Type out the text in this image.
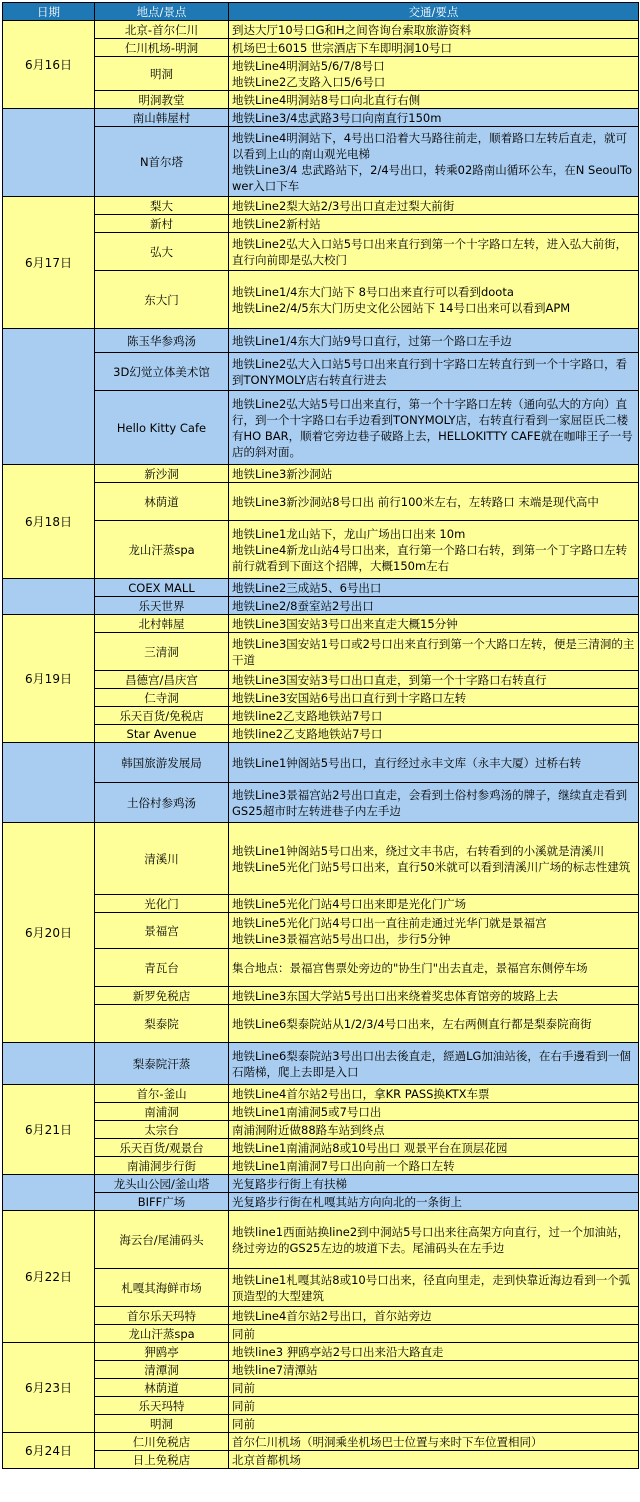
日期	地点/景点	交通/要点
6月16日	北京-首尔仁川	到达大厅10号口G和H之间咨询台索取旅游资料

	仁川机场-明洞	机场巴士6015 世宗酒店下车即明洞10号口

	明洞	地铁Line4明洞站5/6/7/8号口
地铁Line2乙支路入口5/6号口

	明洞教堂	地铁Line4明洞站8号口向北直行右侧

	南山韩屋村	地铁Line3/4忠武路3号口向南直行150m

	N首尔塔	地铁Line4明洞站下，4号出口沿着大马路往前走，顺着路口左转后直走，就可以看到上山的南山观光电梯
地铁Line3/4 忠武路站下，2/4号出口，转乘02路南山循环公车，在N SeoulTower入口下车

6月17日	梨大	地铁Line2梨大站2/3号出口直走过梨大前街

	新村	地铁Line2新村站

	弘大	地铁Line2弘大入口站5号口出来直行到第一个十字路口左转，进入弘大前街，直行向前即是弘大校门

	东大门	地铁Line1/4东大门站下 8号口出来直行可以看到doota
地铁Line2/4/5东大门历史文化公园站下 14号口出来可以看到APM

	陈玉华参鸡汤	地铁Line1/4东大门站9号口直行，过第一个路口左手边

	3D幻觉立体美术馆	地铁Line2弘大入口站5号口出来直行到十字路口左转直行到一个十字路口，看到TONYMOLY店右转直行进去

	Hello Kitty Cafe	地铁Line2弘大站5号口出来直行，第一个十字路口左转（通向弘大的方向）直行，到一个十字路口右手边看到TONYMOLY店，右转直行看到一家屈臣氏二楼有HO BAR，顺着它旁边巷子破路上去，HELLOKITTY CAFE就在咖啡王子一号店的斜对面。

6月18日	新沙洞	地铁Line3新沙洞站

	林荫道	地铁Line3新沙洞站8号口出 前行100米左右，左转路口 末端是现代高中

	龙山汗蒸spa	地铁Line1龙山站下，龙山广场出口出来 10m
地铁Line4新龙山站4号口出来，直行第一个路口右转，到第一个丁字路口左转前行就看到下面这个招牌，大概150m左右

	COEX MALL	地铁Line2三成站5、6号出口

	乐天世界	地铁Line2/8蚕室站2号出口

6月19日	北村韩屋	地铁Line3国安站3号口出来直走大概15分钟

	三清洞	地铁Line3国安站1号口或2号口出来直行到第一个大路口左转，便是三清洞的主干道

	昌德宫/昌庆宫	地铁Line3国安站3号口出口直走，到第一个十字路口右转直行

	仁寺洞	地铁Line3安国站6号出口直行到十字路口左转

	乐天百货/免税店	地铁line2乙支路地铁站7号口

	Star Avenue	地铁line2乙支路地铁站7号口

	韩国旅游发展局	地铁Line1钟阁站5号出口，直行经过永丰文库（永丰大厦）过桥右转

	土俗村参鸡汤	地铁Line3景福宫站2号出口直走，会看到土俗村参鸡汤的牌子，继续直走看到GS25超市时左转进巷子内左手边

6月20日	清溪川	地铁Line1钟阁站5号口出来，绕过文丰书店，右转看到的小溪就是清溪川
地铁Line5光化门站5号口出来，直行50米就可以看到清溪川广场的标志性建筑

	光化门	地铁Line5光化门站4号口出来即是光化门广场

	景福宫	地铁Line5光化门站4号口出一直往前走通过光华门就是景福宫
地铁Line3景福宫站5号出口出，步行5分钟

	青瓦台	集合地点：景福宫售票处旁边的"协生门"出去直走，景福宫东侧停车场

	新罗免税店	地铁Line3东国大学站5号出口出来绕着奖忠体育馆旁的坡路上去

	梨泰院	地铁Line6梨泰院站从1/2/3/4号口出来，左右两侧直行都是梨泰院商街

	梨泰院汗蒸	地铁Line6梨泰院站3号出口出去後直走，經過LG加油站後，在右手邊看到一個石階梯，爬上去即是入口

6月21日	首尔-釜山	地铁Line4首尔站2号出口，拿KR PASS换KTX车票

	南浦洞	地铁Line1南浦洞5或7号口出

	太宗台	南浦洞附近做88路车站到终点

	乐天百货/观景台	地铁Line1南浦洞站8或10号出口 观景平台在顶层花园

	南浦洞步行街	地铁Line1南浦洞7号口出向前一个路口左转

	龙头山公园/釜山塔	光复路步行街上有扶梯

	BIFF广场	光复路步行街在札嘎其站方向向北的一条街上

6月22日	海云台/尾浦码头	地铁line1西面站换line2到中洞站5号口出来往高架方向直行，过一个加油站，绕过旁边的GS25左边的坡道下去。尾浦码头在左手边

	札嘎其海鲜市场	地铁Line1札嘎其站8或10号口出来，径直向里走，走到快靠近海边看到一个弧顶造型的大型建筑

	首尔乐天玛特	地铁Line4首尔站2号出口，首尔站旁边

	龙山汗蒸spa	同前

6月23日	狎鸥亭	地铁line3 狎鸥亭站2号口出来沿大路直走

	清潭洞	地铁line7清潭站

	林荫道	同前

	乐天玛特	同前

	明洞	同前

6月24日	仁川免税店	首尔仁川机场（明洞乘坐机场巴士位置与来时下车位置相同）

	日上免税店	北京首都机场
